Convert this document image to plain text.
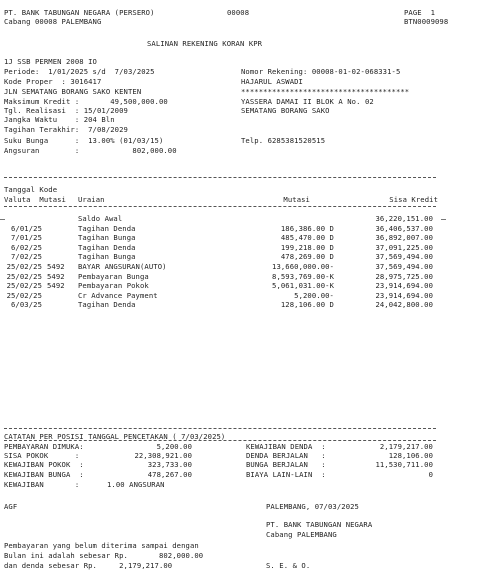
PT. BANK TABUNGAN NEGARA (PERSERO)	00008	PAGE  1
Cabang 00008 PALEMBANG	BTN0009098
SALINAN REKENING KORAN KPR
1J SSB PERMEN 2008 IO
Periode:  1/01/2025 s/d  7/03/2025
Kode Proper  : 3016417
JLN SEMATANG BORANG SAKO KENTEN
Maksimum Kredit :       49,500,000.00
Tgl. Realisasi  : 15/01/2009
Jangka Waktu    : 204 Bln
Tagihan Terakhir:  7/08/2029
Suku Bunga      :  13.00% (01/03/15)
Angsuran        :            802,000.00
Nomor Rekening: 00008-01-02-068331-5
HAJARUL ASWADI
**************************************
YASSERA DAMAI II BLOK A No. 02
SEMATANG BORANG SAKO
Telp. 6285381520515
Tanggal Kode
Valuta  Mutasi Uraian	Mutasi	Sisa Kredit
Saldo Awal	36,220,151.00
6/01/25	Tagihan Denda	186,386.00 D	36,406,537.00
7/01/25	Tagihan Bunga	485,470.00 D	36,892,007.00
6/02/25	Tagihan Denda	199,218.00 D	37,091,225.00
7/02/25	Tagihan Bunga	478,269.00 D	37,569,494.00
25/02/25 5492 BAYAR ANGSURAN(AUTO)	13,660,000.00-	37,569,494.00
25/02/25 5492 Pembayaran Bunga	8,593,769.00-K	28,975,725.00
25/02/25 5492 Pembayaran Pokok	5,061,031.00-K	23,914,694.00
25/02/25	Cr Advance Payment	5,200.00-	23,914,694.00
6/03/25	Tagihan Denda	128,106.00 D	24,042,800.00
CATATAN PER POSISI TANGGAL PENCETAKAN ( 7/03/2025)
PEMBAYARAN DIMUKA:	5,200.00
SISA POKOK      :	22,308,921.00
KEWAJIBAN POKOK  :	323,733.00
KEWAJIBAN BUNGA  :	478,267.00
KEWAJIBAN       :	1.00 ANGSURAN
KEWAJIBAN DENDA  :	2,179,217.00
DENDA BERJALAN   :	128,106.00
BUNGA BERJALAN   :	11,530,711.00
BIAYA LAIN-LAIN  :	0
AGF	PALEMBANG, 07/03/2025
PT. BANK TABUNGAN NEGARA
Cabang PALEMBANG
Pembayaran yang belum diterima sampai dengan
Bulan ini adalah sebesar Rp.       802,000.00
dan denda sebesar Rp.     2,179,217.00	S. E. & O.
